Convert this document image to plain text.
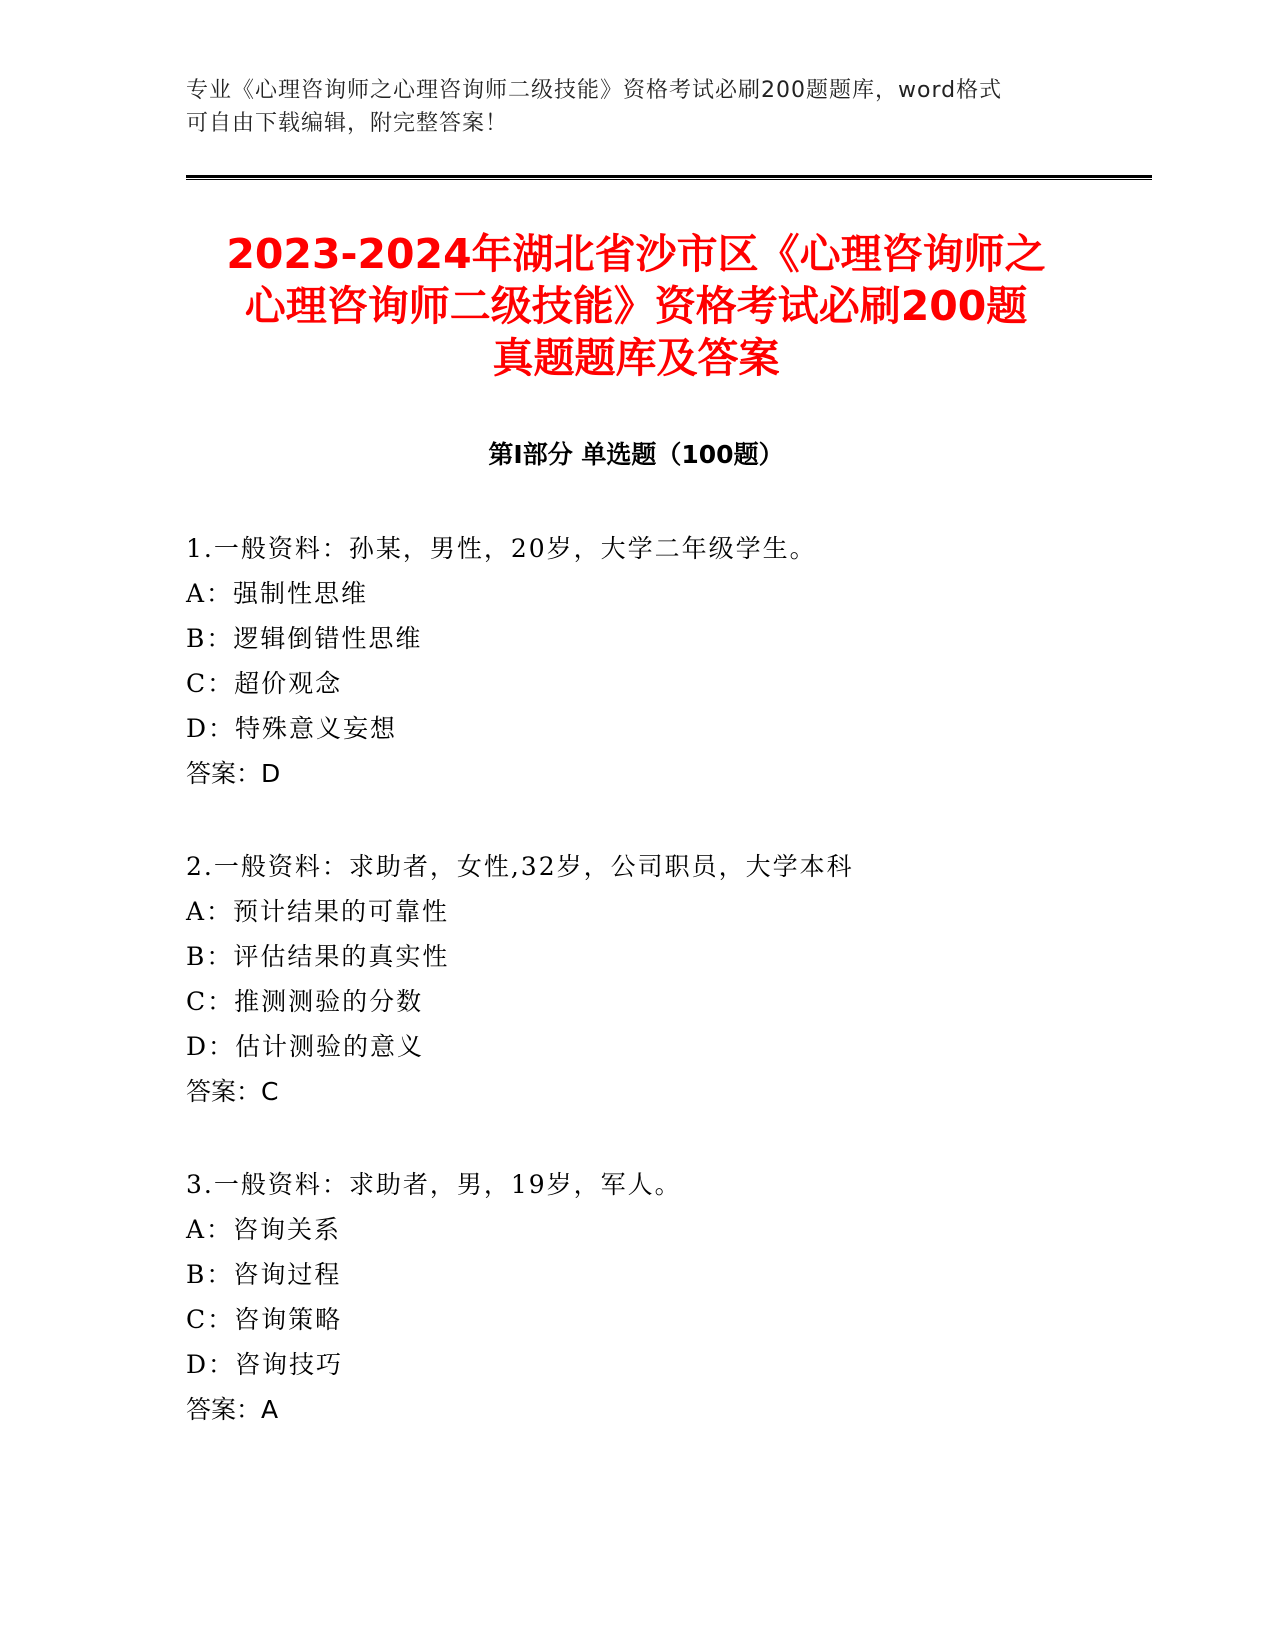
专业《心理咨询师之心理咨询师二级技能》资格考试必刷200题题库，word格式
可自由下载编辑，附完整答案！
2023-2024年湖北省沙市区《心理咨询师之
心理咨询师二级技能》资格考试必刷200题
真题题库及答案
第Ⅰ部分 单选题（100题）
1.一般资料：孙某，男性，20岁，大学二年级学生。
A：强制性思维
B：逻辑倒错性思维
C：超价观念
D：特殊意义妄想
答案：D
2.一般资料：求助者，女性,32岁，公司职员，大学本科
A：预计结果的可靠性
B：评估结果的真实性
C：推测测验的分数
D：估计测验的意义
答案：C
3.一般资料：求助者，男，19岁，军人。
A：咨询关系
B：咨询过程
C：咨询策略
D：咨询技巧
答案：A
